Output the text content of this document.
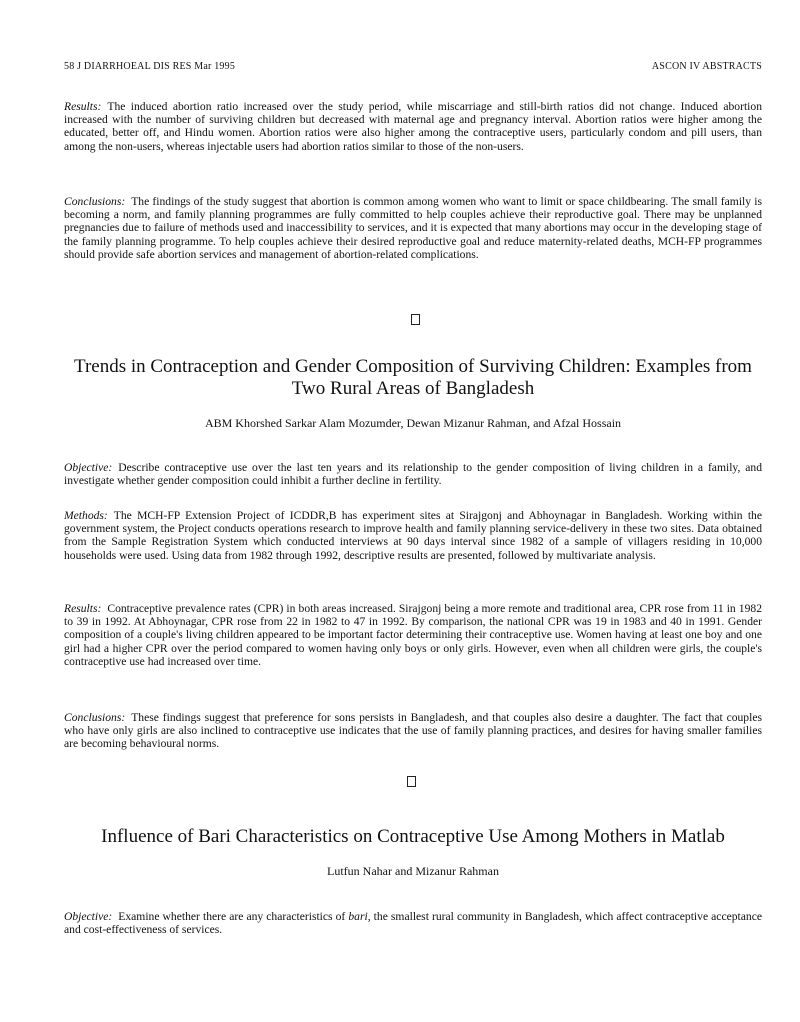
58 J DIARRHOEAL DIS RES Mar 1995	ASCON IV ABSTRACTS
Results: The induced abortion ratio increased over the study period, while miscarriage and still-birth ratios did not change. Induced abortion increased with the number of surviving children but decreased with maternal age and pregnancy interval. Abortion ratios were higher among the educated, better off, and Hindu women. Abortion ratios were also higher among the contraceptive users, particularly condom and pill users, than among the non-users, whereas injectable users had abortion ratios similar to those of the non-users.
Conclusions: The findings of the study suggest that abortion is common among women who want to limit or space childbearing. The small family is becoming a norm, and family planning programmes are fully committed to help couples achieve their reproductive goal. There may be unplanned pregnancies due to failure of methods used and inaccessibility to services, and it is expected that many abortions may occur in the developing stage of the family planning programme. To help couples achieve their desired reproductive goal and reduce maternity-related deaths, MCH-FP programmes should provide safe abortion services and management of abortion-related complications.
Trends in Contraception and Gender Composition of Surviving Children: Examples from Two Rural Areas of Bangladesh
ABM Khorshed Sarkar Alam Mozumder, Dewan Mizanur Rahman, and Afzal Hossain
Objective: Describe contraceptive use over the last ten years and its relationship to the gender composition of living children in a family, and investigate whether gender composition could inhibit a further decline in fertility.
Methods: The MCH-FP Extension Project of ICDDR,B has experiment sites at Sirajgonj and Abhoynagar in Bangladesh. Working within the government system, the Project conducts operations research to improve health and family planning service-delivery in these two sites. Data obtained from the Sample Registration System which conducted interviews at 90 days interval since 1982 of a sample of villagers residing in 10,000 households were used. Using data from 1982 through 1992, descriptive results are presented, followed by multivariate analysis.
Results: Contraceptive prevalence rates (CPR) in both areas increased. Sirajgonj being a more remote and traditional area, CPR rose from 11 in 1982 to 39 in 1992. At Abhoynagar, CPR rose from 22 in 1982 to 47 in 1992. By comparison, the national CPR was 19 in 1983 and 40 in 1991. Gender composition of a couple's living children appeared to be important factor determining their contraceptive use. Women having at least one boy and one girl had a higher CPR over the period compared to women having only boys or only girls. However, even when all children were girls, the couple's contraceptive use had increased over time.
Conclusions: These findings suggest that preference for sons persists in Bangladesh, and that couples also desire a daughter. The fact that couples who have only girls are also inclined to contraceptive use indicates that the use of family planning practices, and desires for having smaller families are becoming behavioural norms.
Influence of Bari Characteristics on Contraceptive Use Among Mothers in Matlab
Lutfun Nahar and Mizanur Rahman
Objective: Examine whether there are any characteristics of bari, the smallest rural community in Bangladesh, which affect contraceptive acceptance and cost-effectiveness of services.
